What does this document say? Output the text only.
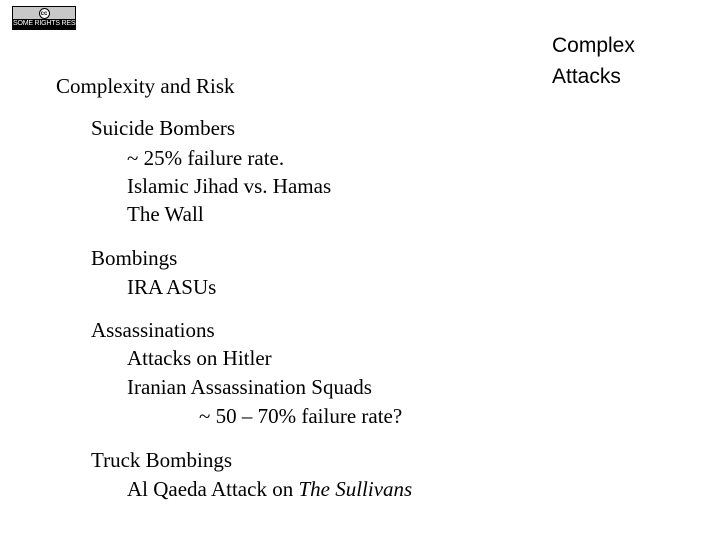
cc
SOME RIGHTS RESERVED
Complex
Attacks
Complexity and Risk
Suicide Bombers
~ 25% failure rate.
Islamic Jihad vs. Hamas
The Wall
Bombings
IRA ASUs
Assassinations
Attacks on Hitler
Iranian Assassination Squads
~ 50 – 70% failure rate?
Truck Bombings
Al Qaeda Attack on The Sullivans
